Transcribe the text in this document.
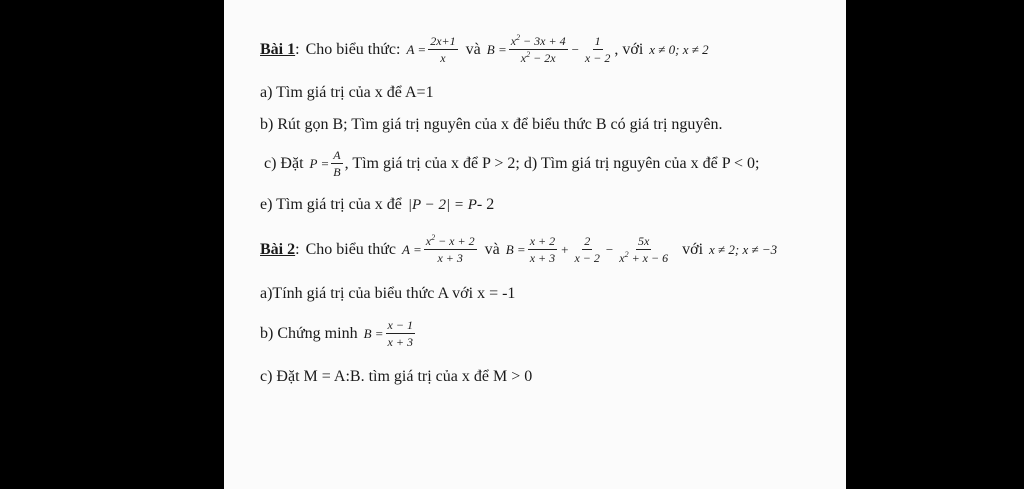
Bài 1 : Cho biểu thức: $A = \frac{2x+1}{x}$ và $B = \frac{x^2 - 3x + 4}{x^2 - 2x} - \frac{1}{x - 2}$ , với x ≠ 0; x ≠ 2
a) Tìm giá trị của x để A=1
b) Rút gọn B; Tìm giá trị nguyên của x để biểu thức B có giá trị nguyên.
c) Đặt $P = \frac{A}{B}$ , Tìm giá trị của x để P > 2; d) Tìm giá trị nguyên của x để P < 0;
e) Tìm giá trị của x để |P − 2| = P - 2
Bài 2 : Cho biểu thức $A = \frac{x^2 - x + 2}{x + 3}$ và $B = \frac{x + 2}{x + 3} + \frac{2}{x - 2} - \frac{5x}{x^2 + x - 6}$ với x ≠ 2; x ≠ −3
a)Tính giá trị của biểu thức A với x = -1
b) Chứng minh $B = \frac{x - 1}{x + 3}$
c) Đặt M = A:B. tìm giá trị của x để M > 0
